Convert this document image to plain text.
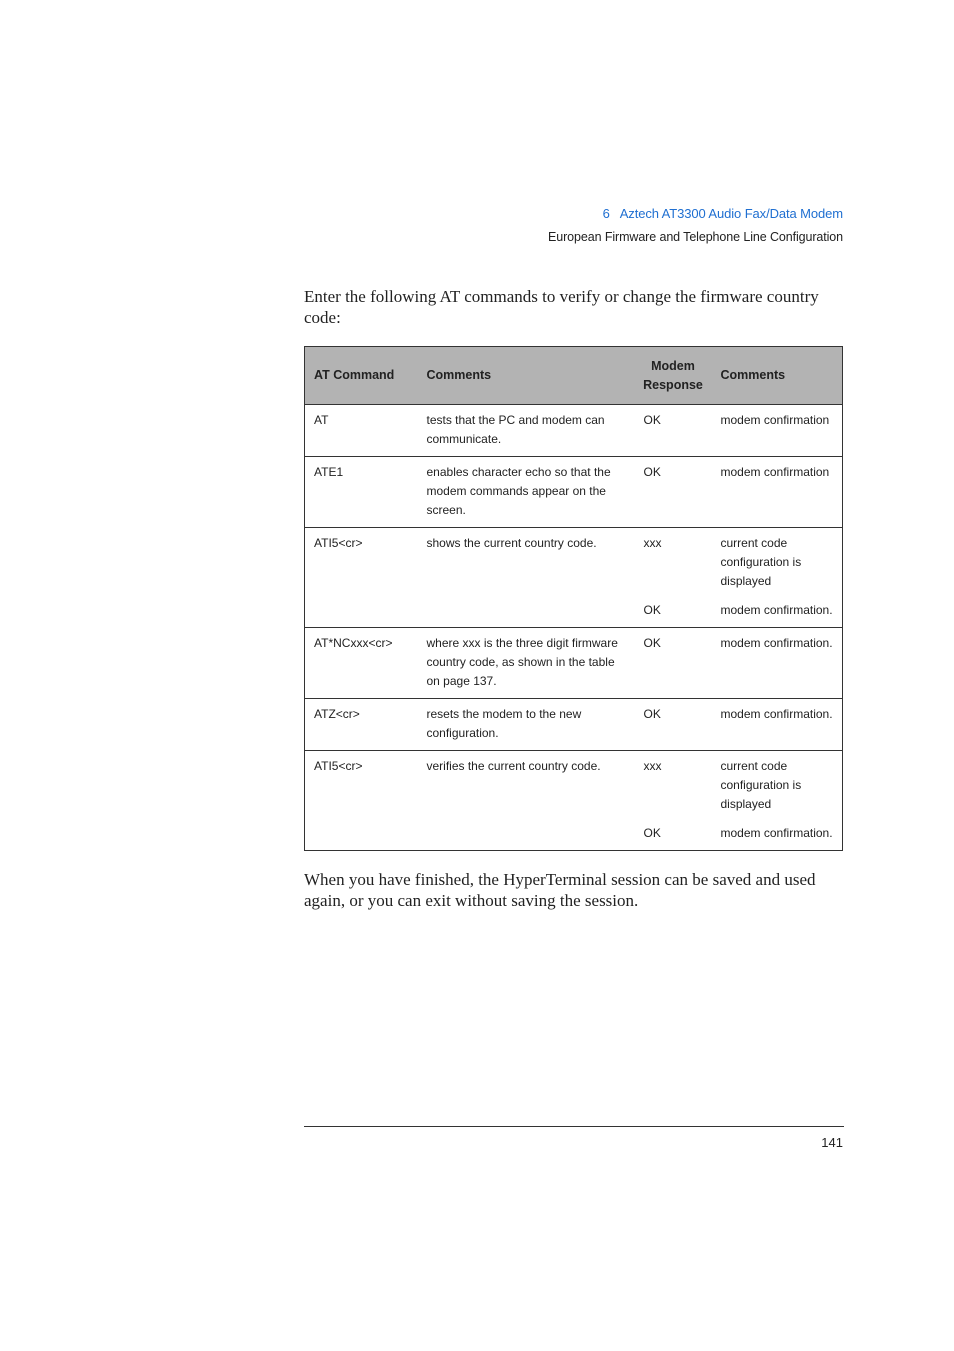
6 Aztech AT3300 Audio Fax/Data Modem
European Firmware and Telephone Line Configuration

Enter the following AT commands to verify or change the firmware country code:

AT Command	Comments	Modem Response	Comments
AT	tests that the PC and modem can communicate.	OK	modem confirmation
ATE1	enables character echo so that the modem commands appear on the screen.	OK	modem confirmation
ATI5<cr>	shows the current country code.	xxx	current code configuration is displayed
		OK	modem confirmation.
AT*NCxxx<cr>	where xxx is the three digit firmware country code, as shown in the table on page 137.	OK	modem confirmation.
ATZ<cr>	resets the modem to the new configuration.	OK	modem confirmation.
ATI5<cr>	verifies the current country code.	xxx	current code configuration is displayed
		OK	modem confirmation.

When you have finished, the HyperTerminal session can be saved and used again, or you can exit without saving the session.

141
